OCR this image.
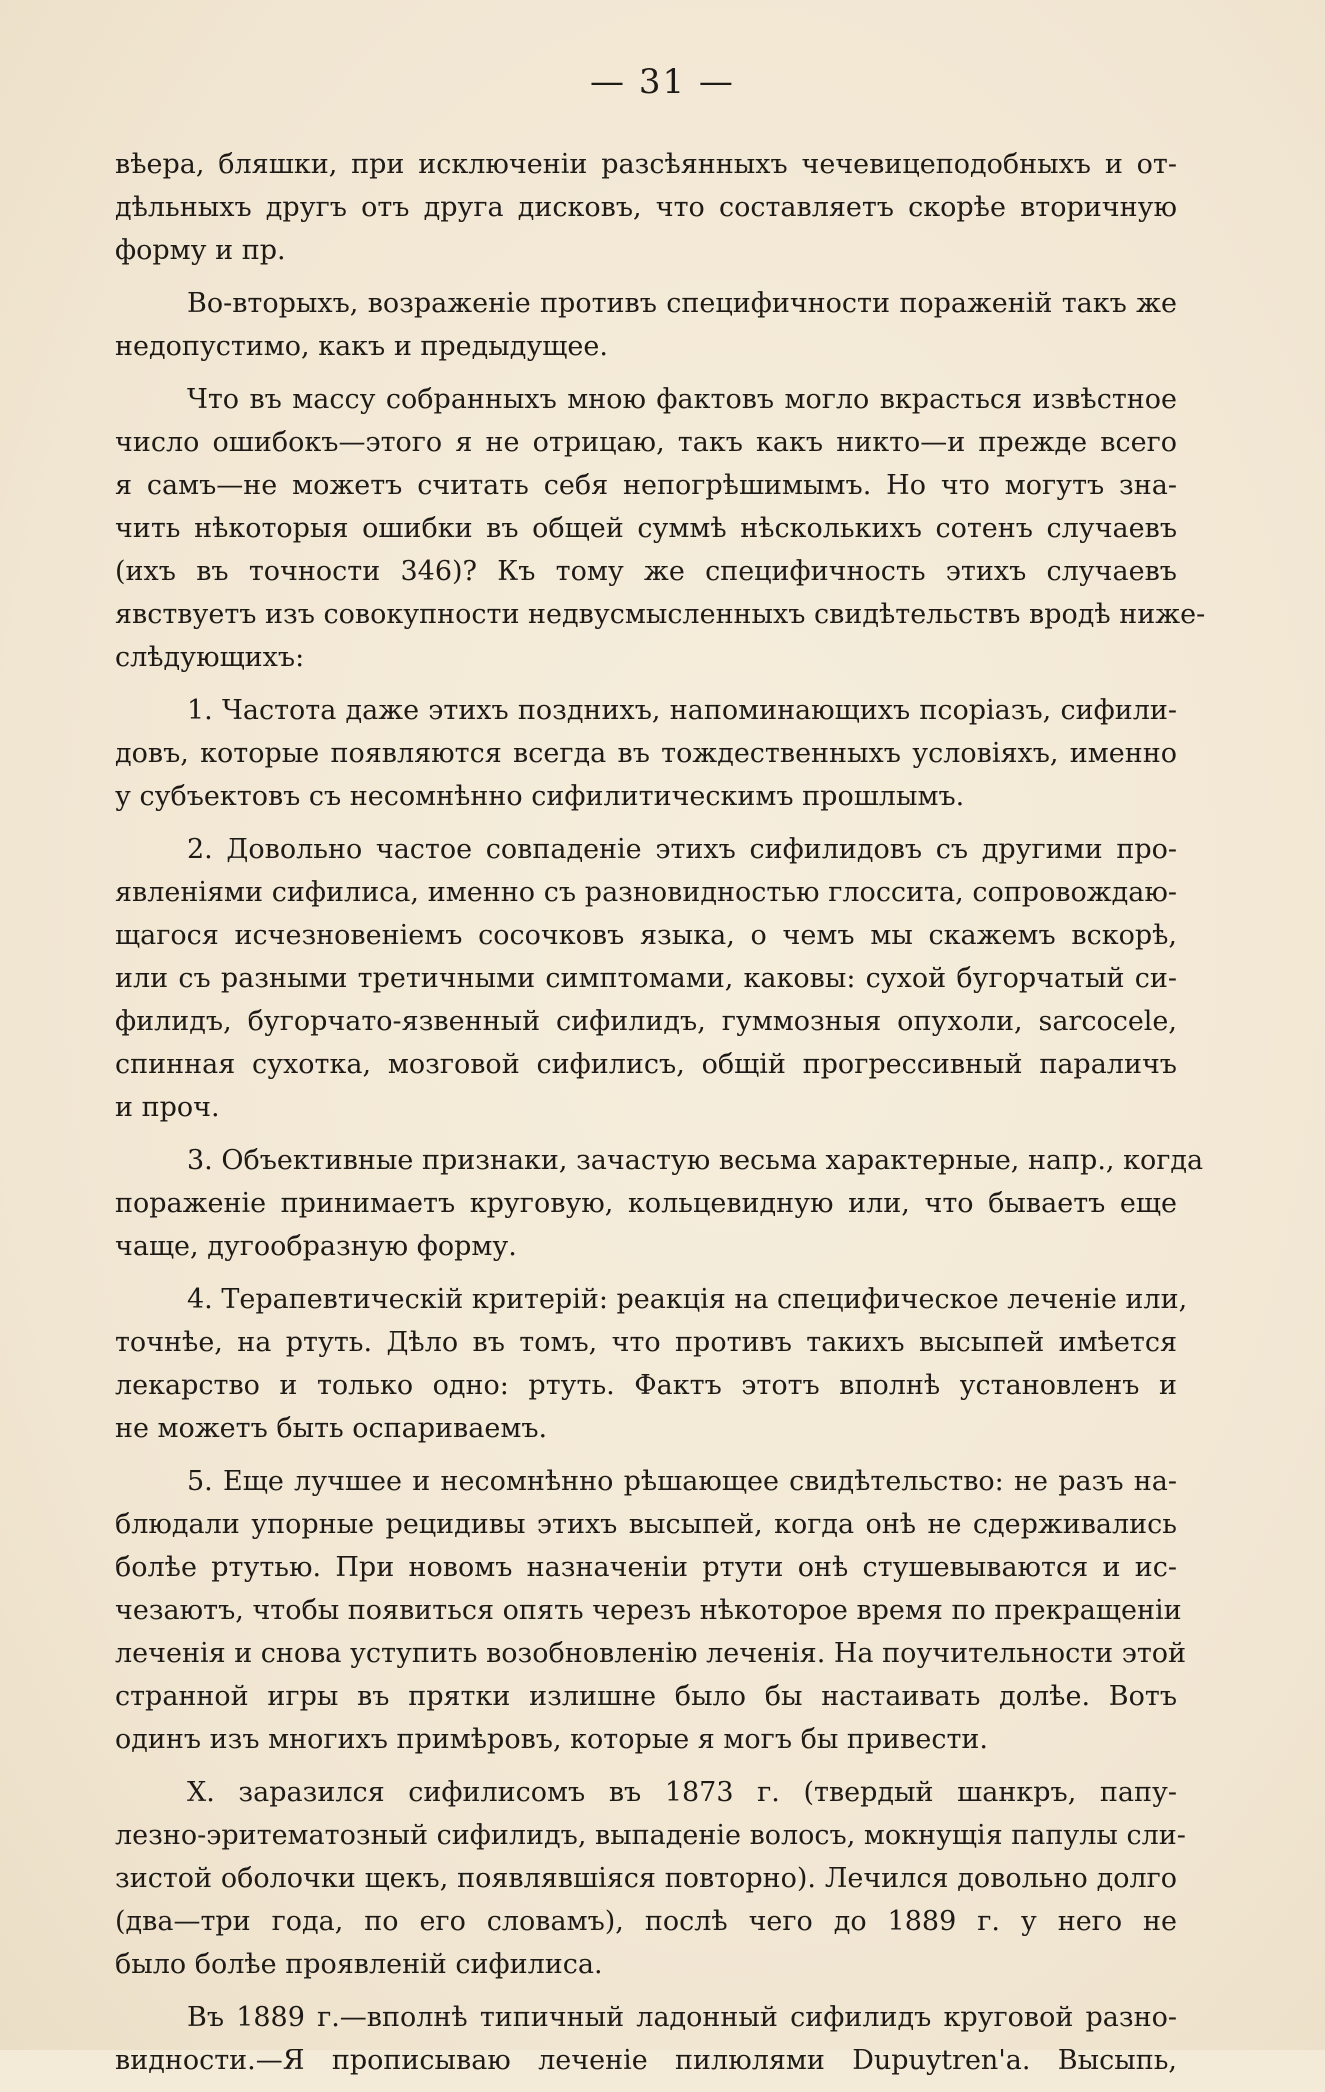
— 31 —
вѣера, бляшки, при исключеніи разсѣянныхъ чечевицеподобныхъ и от-
дѣльныхъ другъ отъ друга дисковъ, что составляетъ скорѣе вторичную
форму и пр.
Во-вторыхъ, возраженіе противъ специфичности пораженій такъ же
недопустимо, какъ и предыдущее.
Что въ массу собранныхъ мною фактовъ могло вкрасться извѣстное
число ошибокъ—этого я не отрицаю, такъ какъ никто—и прежде всего
я самъ—не можетъ считать себя непогрѣшимымъ. Но что могутъ зна-
чить нѣкоторыя ошибки въ общей суммѣ нѣсколькихъ сотенъ случаевъ
(ихъ въ точности 346)? Къ тому же специфичность этихъ случаевъ
явствуетъ изъ совокупности недвусмысленныхъ свидѣтельствъ вродѣ ниже-
слѣдующихъ:
1. Частота даже этихъ позднихъ, напоминающихъ псоріазъ, сифили-
довъ, которые появляются всегда въ тождественныхъ условіяхъ, именно
у субъектовъ съ несомнѣнно сифилитическимъ прошлымъ.
2. Довольно частое совпаденіе этихъ сифилидовъ съ другими про-
явленіями сифилиса, именно съ разновидностью глоссита, сопровождаю-
щагося исчезновеніемъ сосочковъ языка, о чемъ мы скажемъ вскорѣ,
или съ разными третичными симптомами, каковы: сухой бугорчатый си-
филидъ, бугорчато-язвенный сифилидъ, гуммозныя опухоли, sarcocele,
спинная сухотка, мозговой сифилисъ, общій прогрессивный параличъ
и проч.
3. Объективные признаки, зачастую весьма характерные, напр., когда
пораженіе принимаетъ круговую, кольцевидную или, что бываетъ еще
чаще, дугообразную форму.
4. Терапевтическій критерій: реакція на специфическое леченіе или,
точнѣе, на ртуть. Дѣло въ томъ, что противъ такихъ высыпей имѣется
лекарство и только одно: ртуть. Фактъ этотъ вполнѣ установленъ и
не можетъ быть оспариваемъ.
5. Еще лучшее и несомнѣнно рѣшающее свидѣтельство: не разъ на-
блюдали упорные рецидивы этихъ высыпей, когда онѣ не сдерживались
болѣе ртутью. При новомъ назначеніи ртути онѣ стушевываются и ис-
чезаютъ, чтобы появиться опять черезъ нѣкоторое время по прекращеніи
леченія и снова уступить возобновленію леченія. На поучительности этой
странной игры въ прятки излишне было бы настаивать долѣе. Вотъ
одинъ изъ многихъ примѣровъ, которые я могъ бы привести.
X. заразился сифилисомъ въ 1873 г. (твердый шанкръ, папу-
лезно-эритематозный сифилидъ, выпаденіе волосъ, мокнущія папулы сли-
зистой оболочки щекъ, появлявшіяся повторно). Лечился довольно долго
(два—три года, по его словамъ), послѣ чего до 1889 г. у него не
было болѣе проявленій сифилиса.
Въ 1889 г.—вполнѣ типичный ладонный сифилидъ круговой разно-
видности.—Я прописываю леченіе пилюлями Dupuytren'a. Высыпь,
